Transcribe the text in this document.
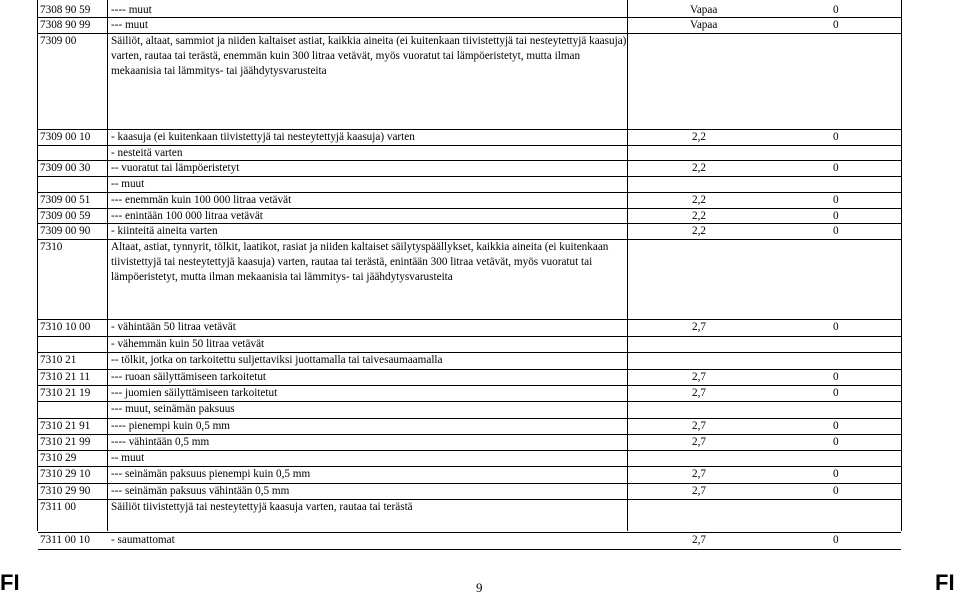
7308 90 59 ---- muut	Vapaa	0
7308 90 99 --- muut	Vapaa	0
7309 00	Säiliöt, altaat, sammiot ja niiden kaltaiset astiat, kaikkia aineita (ei kuitenkaan tiivistettyjä tai nesteytettyjä kaasuja) varten, rautaa tai terästä, enemmän kuin 300 litraa vetävät, myös vuoratut tai lämpöeristetyt, mutta ilman mekaanisia tai lämmitys- tai jäähdytysvarusteita
7309 00 10 - kaasuja (ei kuitenkaan tiivistettyjä tai nesteytettyjä kaasuja) varten	2,2	0
- nesteitä varten
7309 00 30 -- vuoratut tai lämpöeristetyt	2,2	0
-- muut
7309 00 51 --- enemmän kuin 100 000 litraa vetävät	2,2	0
7309 00 59 --- enintään 100 000 litraa vetävät	2,2	0
7309 00 90 - kiinteitä aineita varten	2,2	0
7310	Altaat, astiat, tynnyrit, tölkit, laatikot, rasiat ja niiden kaltaiset säilytyspäällykset, kaikkia aineita (ei kuitenkaan tiivistettyjä tai nesteytettyjä kaasuja) varten, rautaa tai terästä, enintään 300 litraa vetävät, myös vuoratut tai lämpöeristetyt, mutta ilman mekaanisia tai lämmitys- tai jäähdytysvarusteita
7310 10 00 - vähintään 50 litraa vetävät	2,7	0
- vähemmän kuin 50 litraa vetävät
7310 21	-- tölkit, jotka on tarkoitettu suljettaviksi juottamalla tai taivesaumaamalla
7310 21 11 --- ruoan säilyttämiseen tarkoitetut	2,7	0
7310 21 19 --- juomien säilyttämiseen tarkoitetut	2,7	0
--- muut, seinämän paksuus
7310 21 91 ---- pienempi kuin 0,5 mm	2,7	0
7310 21 99 ---- vähintään 0,5 mm	2,7	0
7310 29	-- muut
7310 29 10 --- seinämän paksuus pienempi kuin 0,5 mm	2,7	0
7310 29 90 --- seinämän paksuus vähintään 0,5 mm	2,7	0
7311 00	Säiliöt tiivistettyjä tai nesteytettyjä kaasuja varten, rautaa tai terästä
7311 00 10 - saumattomat	2,7	0
FI	9	FI
